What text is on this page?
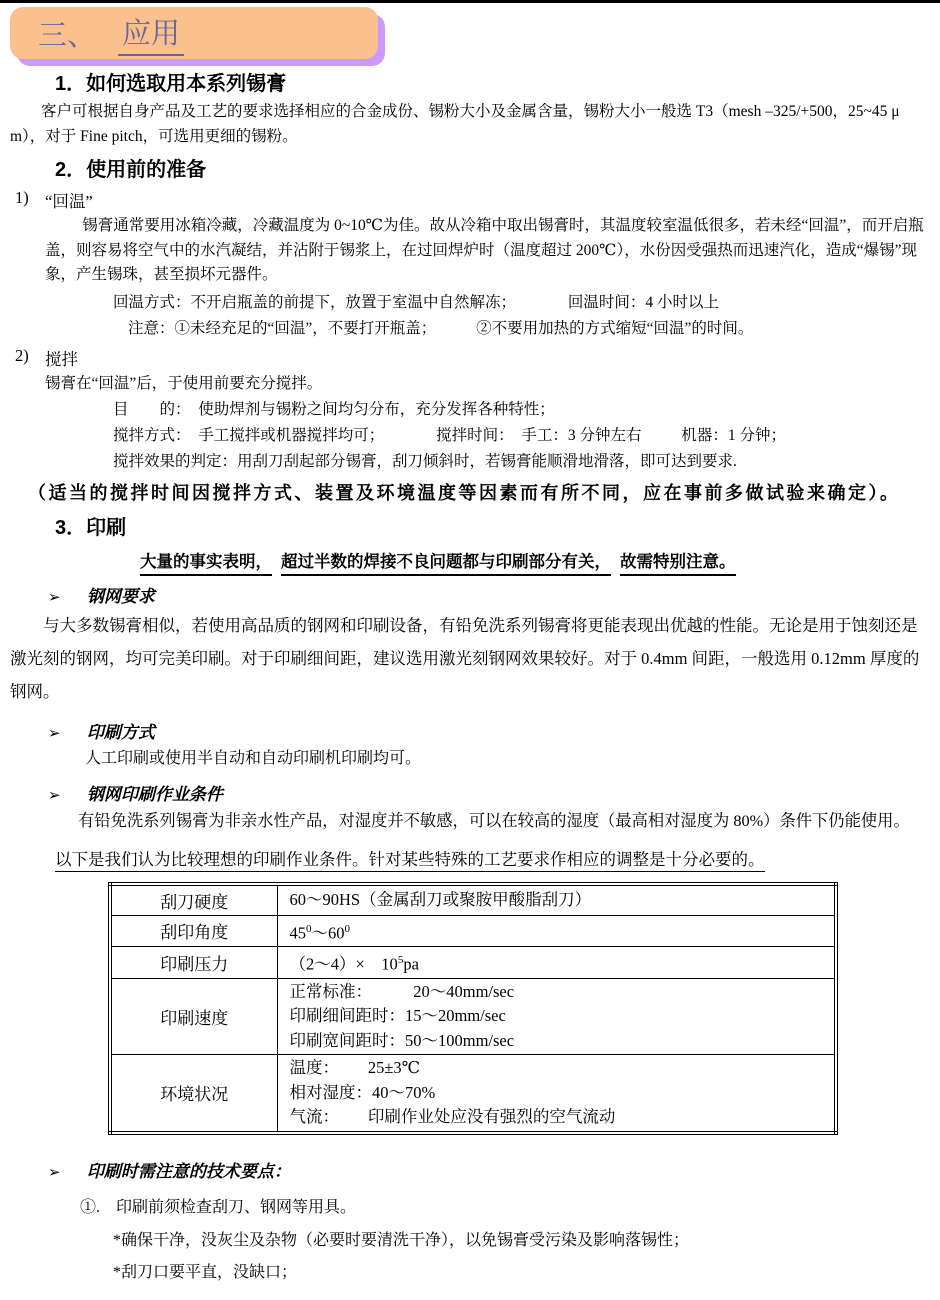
三、 应用
1．如何选取用本系列锡膏
客户可根据自身产品及工艺的要求选择相应的合金成份、锡粉大小及金属含量，锡粉大小一般选 T3（mesh –325/+500，25~45 μ m），对于 Fine pitch，可选用更细的锡粉。
2．使用前的准备
1) “回温”
锡膏通常要用冰箱冷藏，冷藏温度为 0~10℃为佳。故从冷箱中取出锡膏时，其温度较室温低很多，若未经“回温”，而开启瓶盖，则容易将空气中的水汽凝结，并沾附于锡浆上，在过回焊炉时（温度超过 200℃），水份因受强热而迅速汽化，造成“爆锡”现象，产生锡珠，甚至损坏元器件。
回温方式：不开启瓶盖的前提下，放置于室温中自然解冻；	回温时间：4 小时以上
注意：①未经充足的“回温”，不要打开瓶盖；	②不要用加热的方式缩短“回温”的时间。
2) 搅拌
锡膏在“回温”后，于使用前要充分搅拌。
目　　的：　使助焊剂与锡粉之间均匀分布，充分发挥各种特性；
搅拌方式：　手工搅拌或机器搅拌均可；	搅拌时间：　手工：3 分钟左右	机器：1 分钟；
搅拌效果的判定：用刮刀刮起部分锡膏，刮刀倾斜时，若锡膏能顺滑地滑落，即可达到要求.
（适当的搅拌时间因搅拌方式、装置及环境温度等因素而有所不同，应在事前多做试验来确定）。
3．印刷
大量的事实表明， 超过半数的焊接不良问题都与印刷部分有关， 故需特别注意。
➢ 钢网要求
与大多数锡膏相似，若使用高品质的钢网和印刷设备，有铅免洗系列锡膏将更能表现出优越的性能。无论是用于蚀刻还是激光刻的钢网，均可完美印刷。对于印刷细间距，建议选用激光刻钢网效果较好。对于 0.4mm 间距，一般选用 0.12mm 厚度的钢网。
➢ 印刷方式
人工印刷或使用半自动和自动印刷机印刷均可。
➢ 钢网印刷作业条件
有铅免洗系列锡膏为非亲水性产品，对湿度并不敏感，可以在较高的湿度（最高相对湿度为 80%）条件下仍能使用。
以下是我们认为比较理想的印刷作业条件。针对某些特殊的工艺要求作相应的调整是十分必要的。
刮刀硬度	60～90HS（金属刮刀或聚胺甲酸脂刮刀）
刮印角度	$45^0\sim 60^0$
印刷压力	（2～4）×　$10^5pa$
印刷速度	正常标准：　　　20～40mm/sec
印刷细间距时：15～20mm/sec
印刷宽间距时：50～100mm/sec

环境状况	温度：　　 25±3℃
相对湿度：40～70%
气流：　　 印刷作业处应没有强烈的空气流动
➢ 印刷时需注意的技术要点：
①.　印刷前须检查刮刀、钢网等用具。
*确保干净，没灰尘及杂物（必要时要清洗干净），以免锡膏受污染及影响落锡性；
*刮刀口要平直，没缺口；
